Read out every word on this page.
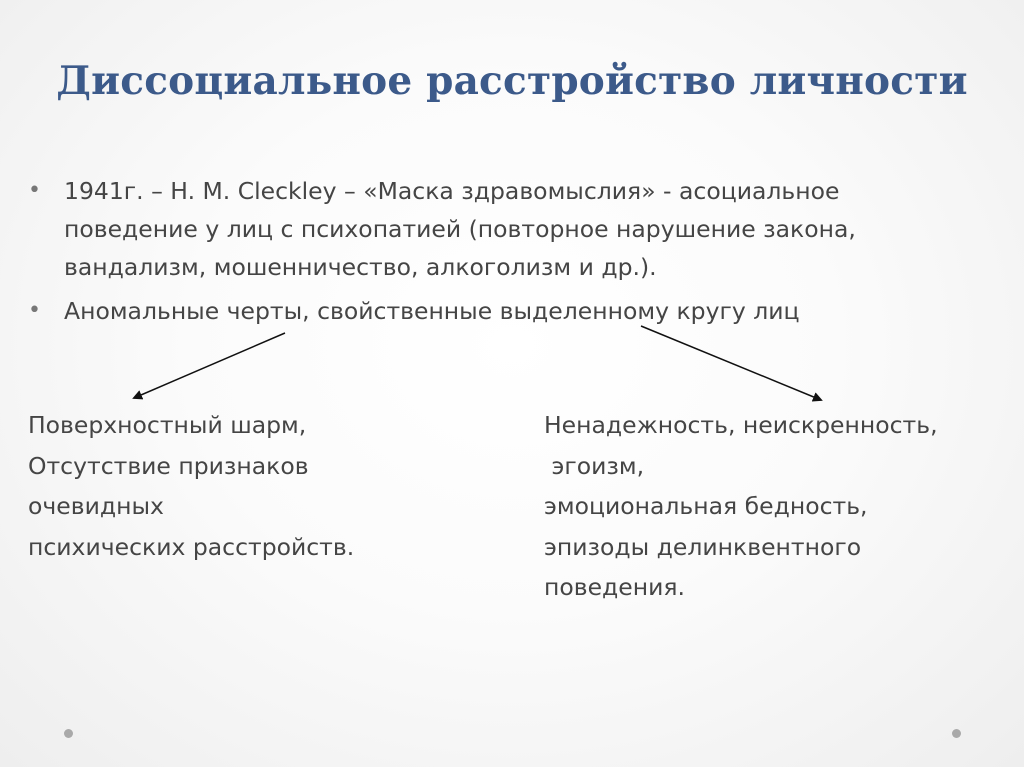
Диссоциальное расстройство личности
• 1941г. – H. M. Cleckley – «Маска здравомыслия» - асоциальное
поведение у лиц с психопатией (повторное нарушение закона,
вандализм, мошенничество, алкоголизм и др.).
• Аномальные черты, свойственные выделенному кругу лиц
Поверхностный шарм,
Отсутствие признаков
очевидных
психических расстройств.
Ненадежность, неискренность,
эгоизм,
эмоциональная бедность,
эпизоды делинквентного
поведения.
